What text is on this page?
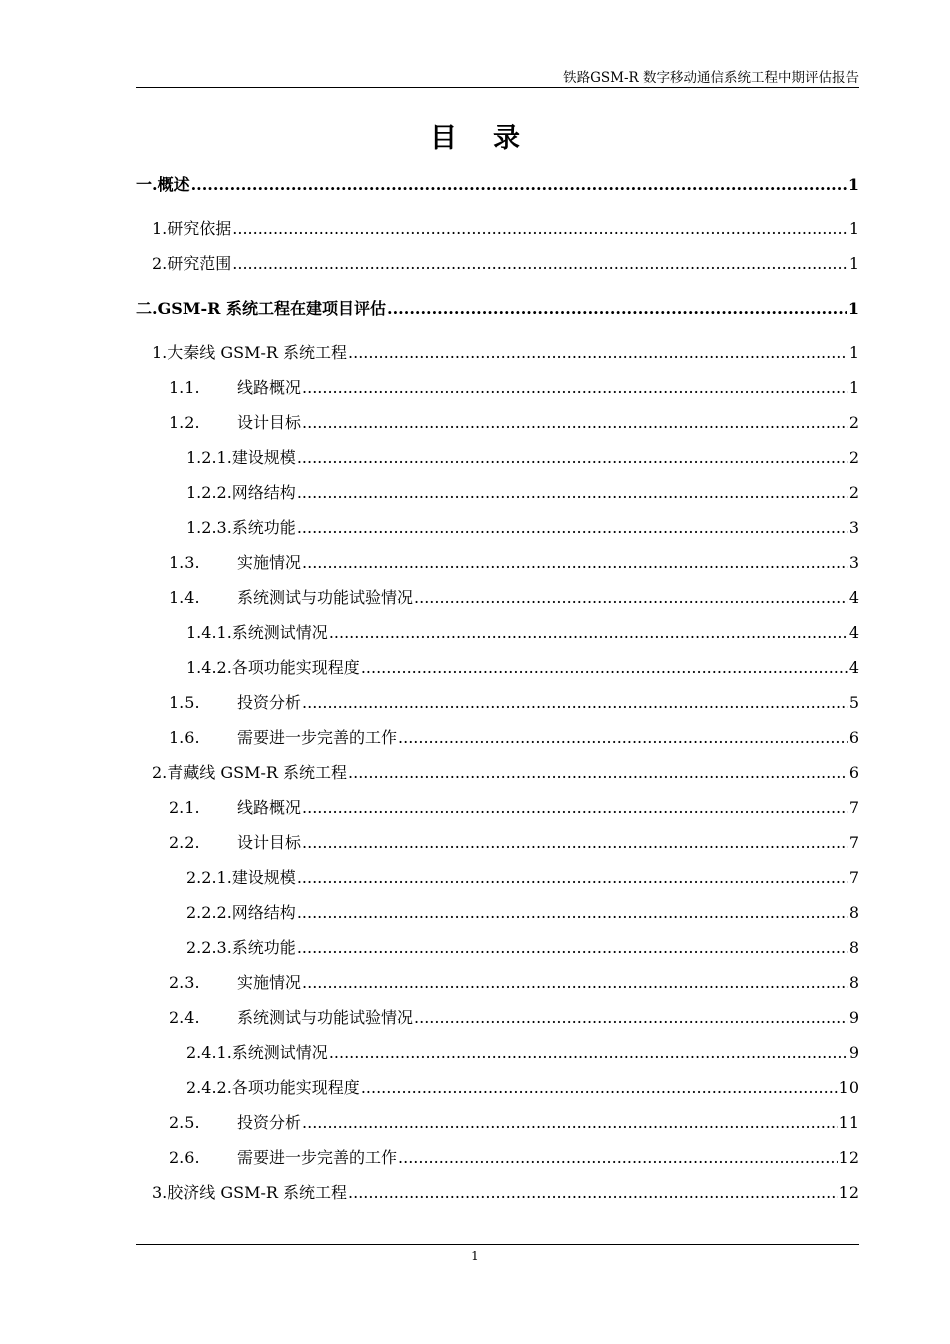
铁路GSM-R 数字移动通信系统工程中期评估报告
目录
一. 概述 .....	1
1. 研究依据 .....	1
2. 研究范围 .....	1
二. GSM-R 系统工程在建项目评估 .....	1
1. 大秦线 GSM-R 系统工程 .....	1
1.1.	线路概况 .....	1
1.2.	设计目标 .....	2
1.2.1. 建设规模 .....	2
1.2.2. 网络结构 .....	2
1.2.3. 系统功能 .....	3
1.3.	实施情况 .....	3
1.4.	系统测试与功能试验情况 .....	4
1.4.1. 系统测试情况 .....	4
1.4.2. 各项功能实现程度 .....	4
1.5.	投资分析 .....	5
1.6.	需要进一步完善的工作 .....	6
2. 青藏线 GSM-R 系统工程 .....	6
2.1.	线路概况 .....	7
2.2.	设计目标 .....	7
2.2.1. 建设规模 .....	7
2.2.2. 网络结构 .....	8
2.2.3. 系统功能 .....	8
2.3.	实施情况 .....	8
2.4.	系统测试与功能试验情况 .....	9
2.4.1. 系统测试情况 .....	9
2.4.2. 各项功能实现程度 .....	10
2.5.	投资分析 .....	11
2.6.	需要进一步完善的工作 .....	12
3. 胶济线 GSM-R 系统工程 .....	12
1
